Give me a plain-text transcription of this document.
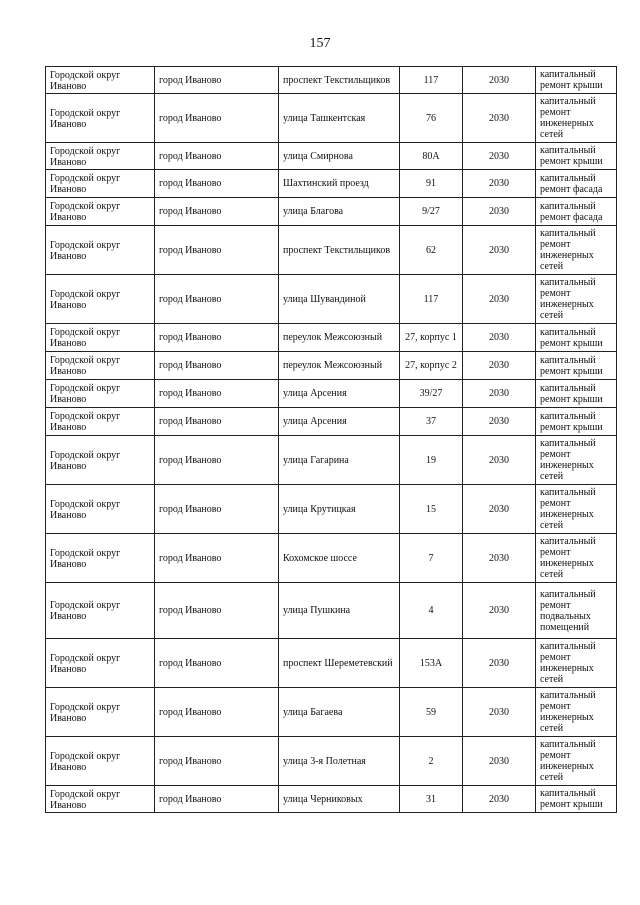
157
Городской округ Иваново	город Иваново	проспект Текстильщиков	117	2030	капитальный ремонт крыши

Городской округ Иваново	город Иваново	улица Ташкентская	76	2030	капитальный ремонт инженерных сетей

Городской округ Иваново	город Иваново	улица Смирнова	80А	2030	капитальный ремонт крыши

Городской округ Иваново	город Иваново	Шахтинский проезд	91	2030	капитальный ремонт фасада

Городской округ Иваново	город Иваново	улица Благова	9/27	2030	капитальный ремонт фасада

Городской округ Иваново	город Иваново	проспект Текстильщиков	62	2030	капитальный ремонт инженерных сетей

Городской округ Иваново	город Иваново	улица Шувандиной	117	2030	капитальный ремонт инженерных сетей

Городской округ Иваново	город Иваново	переулок Межсоюзный	27, корпус 1	2030	капитальный ремонт крыши

Городской округ Иваново	город Иваново	переулок Межсоюзный	27, корпус 2	2030	капитальный ремонт крыши

Городской округ Иваново	город Иваново	улица Арсения	39/27	2030	капитальный ремонт крыши

Городской округ Иваново	город Иваново	улица Арсения	37	2030	капитальный ремонт крыши

Городской округ Иваново	город Иваново	улица Гагарина	19	2030	капитальный ремонт инженерных сетей

Городской округ Иваново	город Иваново	улица Крутицкая	15	2030	капитальный ремонт инженерных сетей

Городской округ Иваново	город Иваново	Кохомское шоссе	7	2030	капитальный ремонт инженерных сетей

Городской округ Иваново	город Иваново	улица Пушкина	4	2030	капитальный ремонт подвальных помещений

Городской округ Иваново	город Иваново	проспект Шереметевский	153А	2030	капитальный ремонт инженерных сетей

Городской округ Иваново	город Иваново	улица Багаева	59	2030	капитальный ремонт инженерных сетей

Городской округ Иваново	город Иваново	улица 3-я Полетная	2	2030	капитальный ремонт инженерных сетей

Городской округ Иваново	город Иваново	улица Черниковых	31	2030	капитальный ремонт крыши
